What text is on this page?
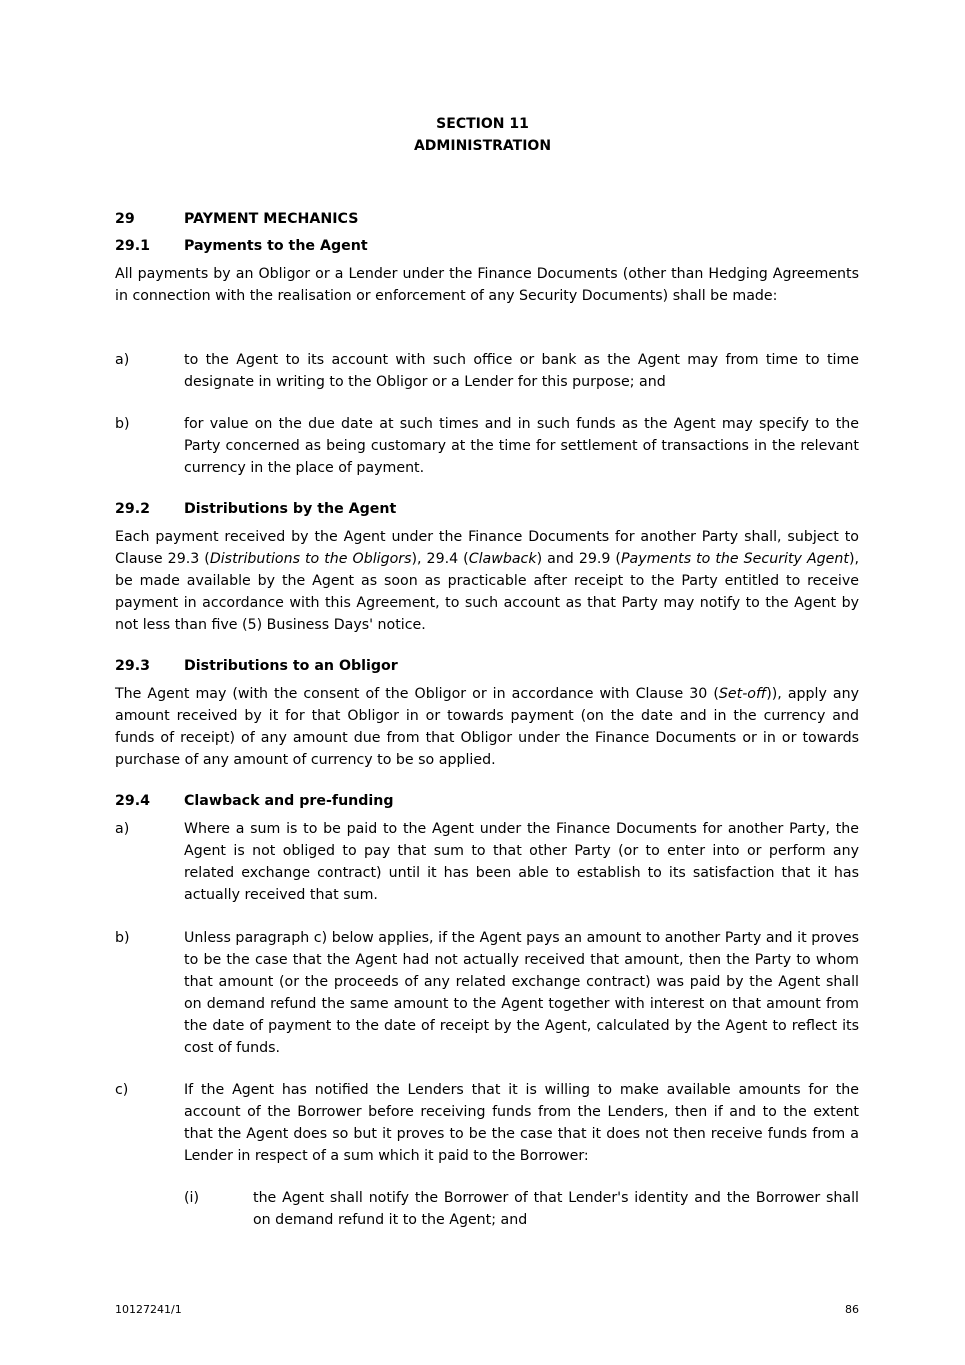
SECTION 11
ADMINISTRATION
29	PAYMENT MECHANICS
29.1 Payments to the Agent
All payments by an Obligor or a Lender under the Finance Documents (other than Hedging Agreements in connection with the realisation or enforcement of any Security Documents) shall be made:
a)	to the Agent to its account with such office or bank as the Agent may from time to time designate in writing to the Obligor or a Lender for this purpose; and
b)	for value on the due date at such times and in such funds as the Agent may specify to the Party concerned as being customary at the time for settlement of transactions in the relevant currency in the place of payment.
29.2 Distributions by the Agent
Each payment received by the Agent under the Finance Documents for another Party shall, subject to Clause 29.3 (Distributions to the Obligors), 29.4 (Clawback) and 29.9 (Payments to the Security Agent), be made available by the Agent as soon as practicable after receipt to the Party entitled to receive payment in accordance with this Agreement, to such account as that Party may notify to the Agent by not less than five (5) Business Days' notice.
29.3 Distributions to an Obligor
The Agent may (with the consent of the Obligor or in accordance with Clause 30 (Set-off)), apply any amount received by it for that Obligor in or towards payment (on the date and in the currency and funds of receipt) of any amount due from that Obligor under the Finance Documents or in or towards purchase of any amount of currency to be so applied.
29.4 Clawback and pre-funding
a)	Where a sum is to be paid to the Agent under the Finance Documents for another Party, the Agent is not obliged to pay that sum to that other Party (or to enter into or perform any related exchange contract) until it has been able to establish to its satisfaction that it has actually received that sum.
b)	Unless paragraph c) below applies, if the Agent pays an amount to another Party and it proves to be the case that the Agent had not actually received that amount, then the Party to whom that amount (or the proceeds of any related exchange contract) was paid by the Agent shall on demand refund the same amount to the Agent together with interest on that amount from the date of payment to the date of receipt by the Agent, calculated by the Agent to reflect its cost of funds.
c)	If the Agent has notified the Lenders that it is willing to make available amounts for the account of the Borrower before receiving funds from the Lenders, then if and to the extent that the Agent does so but it proves to be the case that it does not then receive funds from a Lender in respect of a sum which it paid to the Borrower:
(i)	the Agent shall notify the Borrower of that Lender's identity and the Borrower shall on demand refund it to the Agent; and
10127241/1	86
